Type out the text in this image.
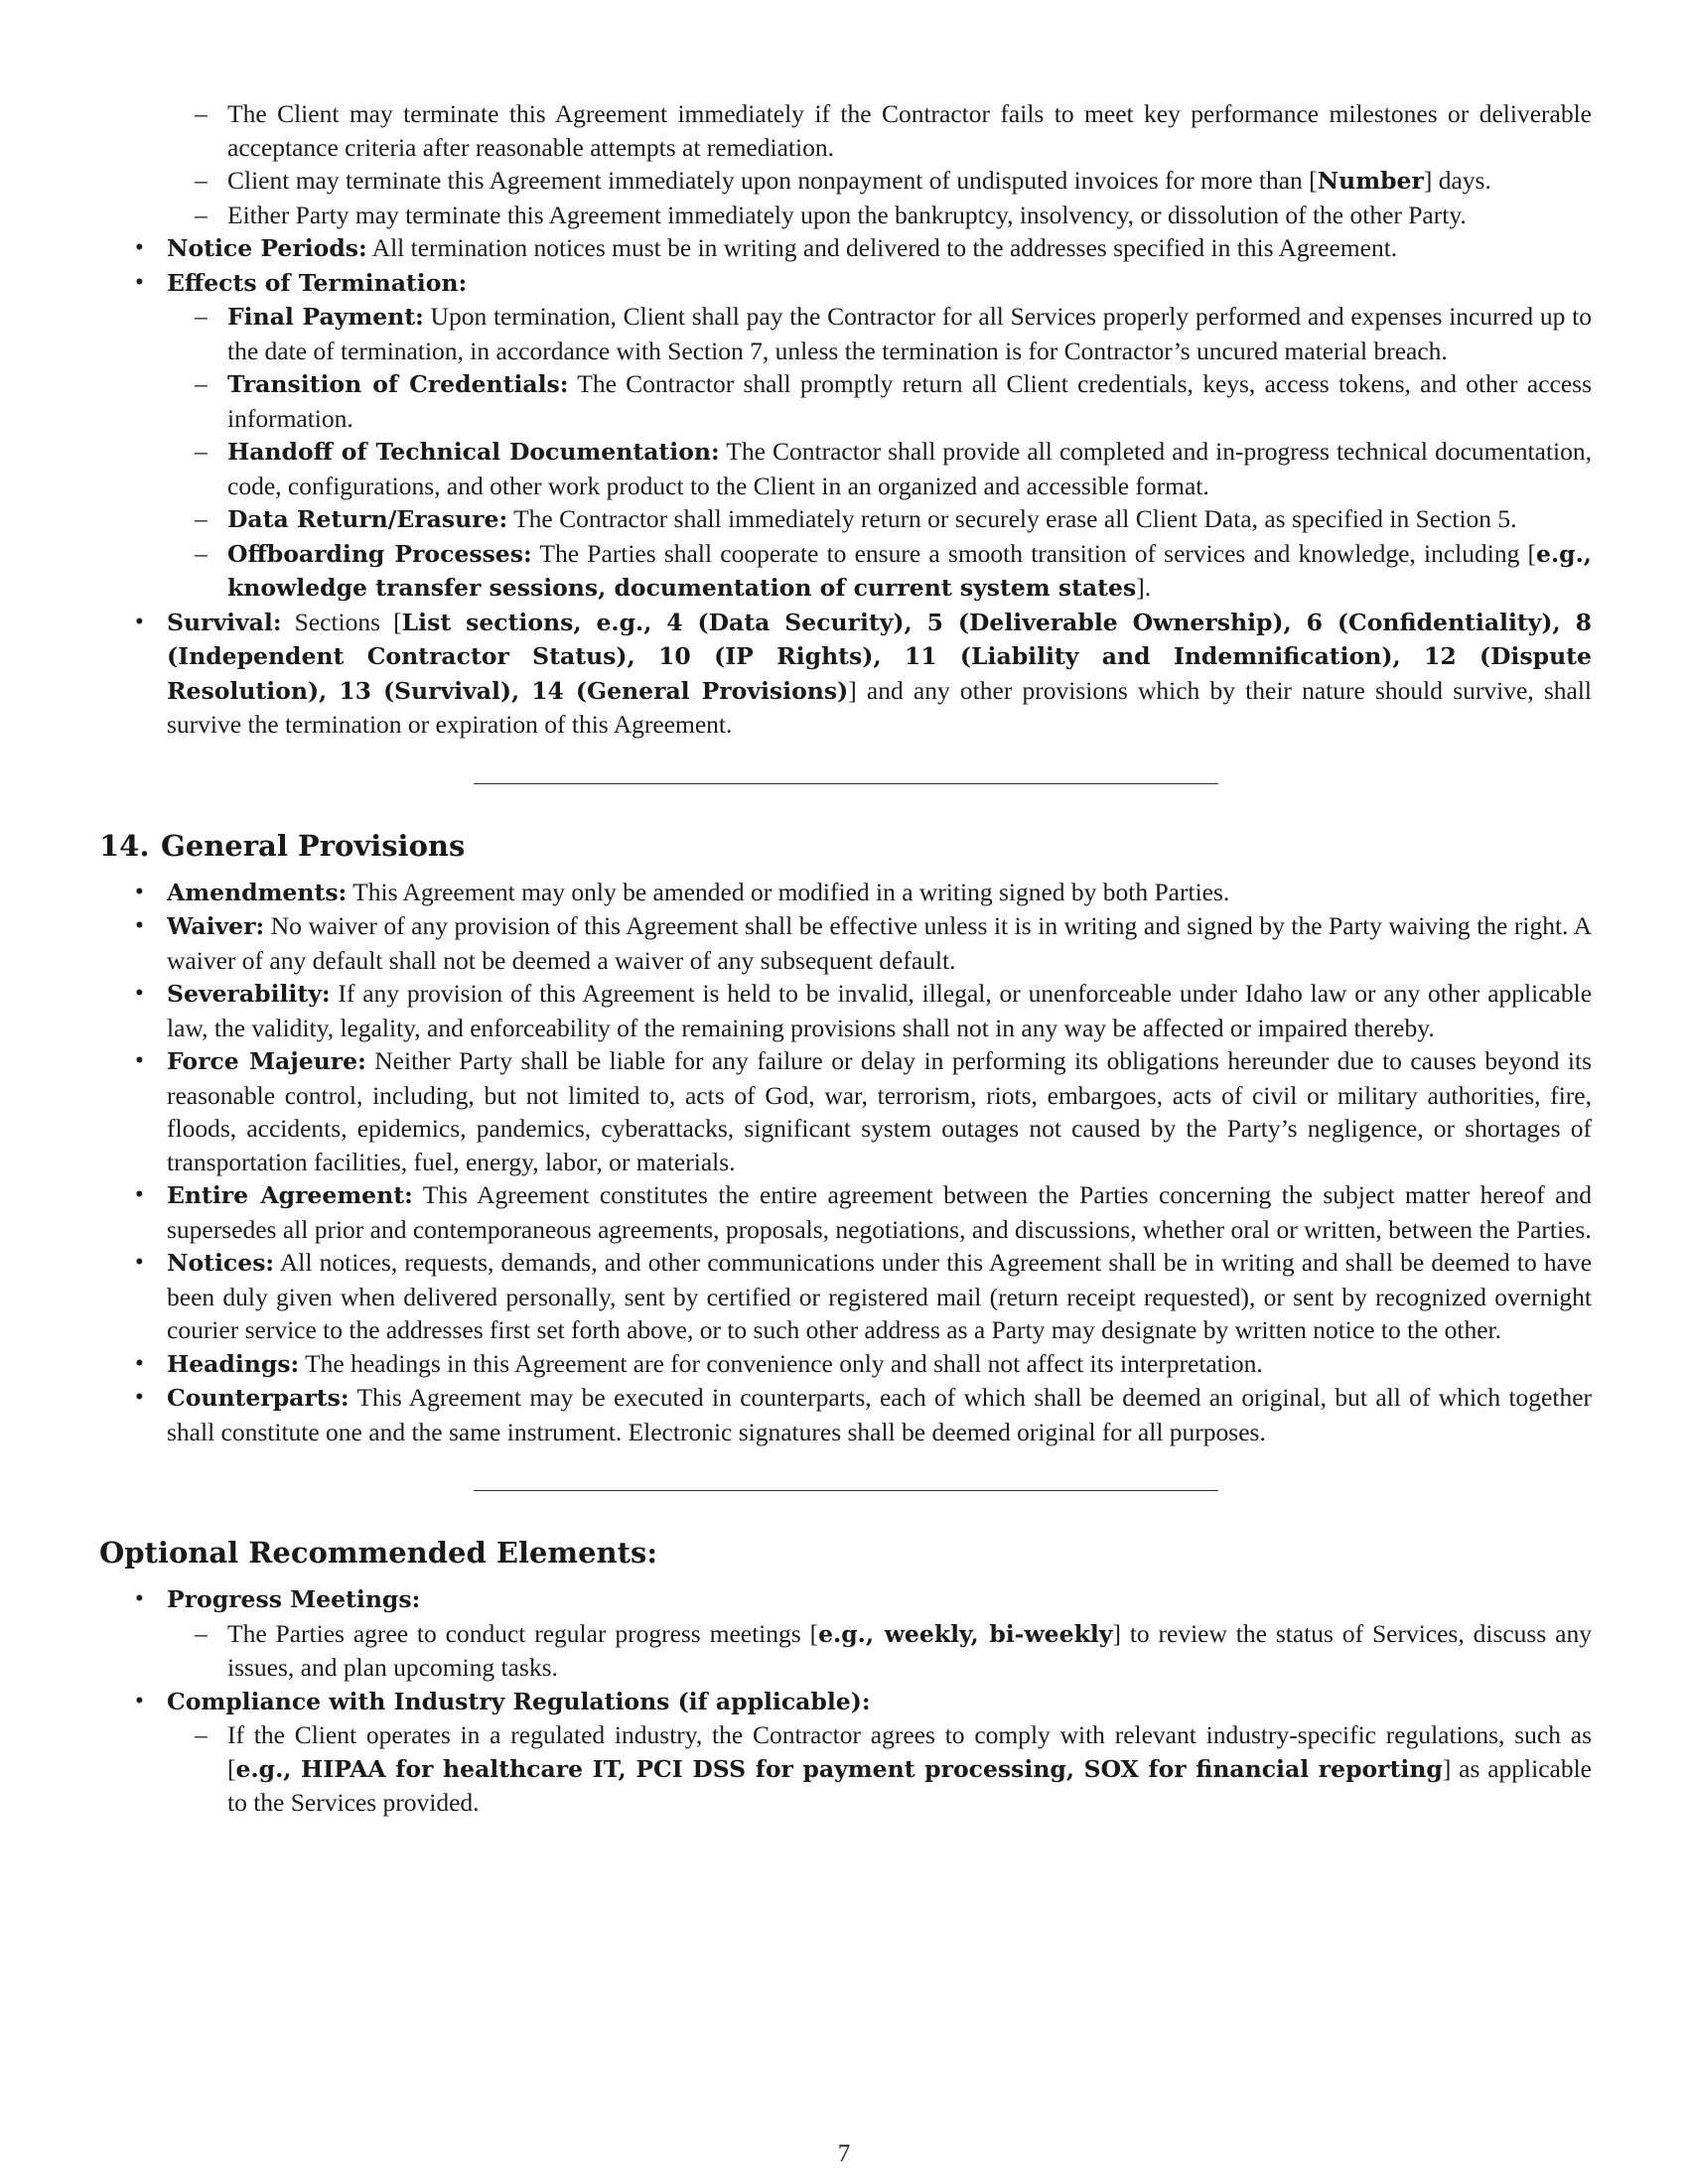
– The Client may terminate this Agreement immediately if the Contractor fails to meet key performance milestones or deliverable acceptance criteria after reasonable attempts at remediation.
– Client may terminate this Agreement immediately upon nonpayment of undisputed invoices for more than [Number] days.
– Either Party may terminate this Agreement immediately upon the bankruptcy, insolvency, or dissolution of the other Party.
• Notice Periods: All termination notices must be in writing and delivered to the addresses specified in this Agreement.
• Effects of Termination:
– Final Payment: Upon termination, Client shall pay the Contractor for all Services properly performed and expenses incurred up to the date of termination, in accordance with Section 7, unless the termination is for Contractor’s uncured material breach.
– Transition of Credentials: The Contractor shall promptly return all Client credentials, keys, access tokens, and other access information.
– Handoff of Technical Documentation: The Contractor shall provide all completed and in-progress technical documentation, code, configurations, and other work product to the Client in an organized and accessible format.
– Data Return/Erasure: The Contractor shall immediately return or securely erase all Client Data, as specified in Section 5.
– Offboarding Processes: The Parties shall cooperate to ensure a smooth transition of services and knowledge, including [e.g., knowledge transfer sessions, documentation of current system states].
• Survival: Sections [List sections, e.g., 4 (Data Security), 5 (Deliverable Ownership), 6 (Confidentiality), 8 (Independent Contractor Status), 10 (IP Rights), 11 (Liability and Indemnification), 12 (Dispute Resolution), 13 (Survival), 14 (General Provisions)] and any other provisions which by their nature should survive, shall survive the termination or expiration of this Agreement.
14. General Provisions
• Amendments: This Agreement may only be amended or modified in a writing signed by both Parties.
• Waiver: No waiver of any provision of this Agreement shall be effective unless it is in writing and signed by the Party waiving the right. A waiver of any default shall not be deemed a waiver of any subsequent default.
• Severability: If any provision of this Agreement is held to be invalid, illegal, or unenforceable under Idaho law or any other applicable law, the validity, legality, and enforceability of the remaining provisions shall not in any way be affected or impaired thereby.
• Force Majeure: Neither Party shall be liable for any failure or delay in performing its obligations hereunder due to causes beyond its reasonable control, including, but not limited to, acts of God, war, terrorism, riots, embargoes, acts of civil or military authorities, fire, floods, accidents, epidemics, pandemics, cyberattacks, significant system outages not caused by the Party’s negligence, or shortages of transportation facilities, fuel, energy, labor, or materials.
• Entire Agreement: This Agreement constitutes the entire agreement between the Parties concerning the subject matter hereof and supersedes all prior and contemporaneous agreements, proposals, negotiations, and discussions, whether oral or written, between the Parties.
• Notices: All notices, requests, demands, and other communications under this Agreement shall be in writing and shall be deemed to have been duly given when delivered personally, sent by certified or registered mail (return receipt requested), or sent by recognized overnight courier service to the addresses first set forth above, or to such other address as a Party may designate by written notice to the other.
• Headings: The headings in this Agreement are for convenience only and shall not affect its interpretation.
• Counterparts: This Agreement may be executed in counterparts, each of which shall be deemed an original, but all of which together shall constitute one and the same instrument. Electronic signatures shall be deemed original for all purposes.
Optional Recommended Elements:
• Progress Meetings:
– The Parties agree to conduct regular progress meetings [e.g., weekly, bi-weekly] to review the status of Services, discuss any issues, and plan upcoming tasks.
• Compliance with Industry Regulations (if applicable):
– If the Client operates in a regulated industry, the Contractor agrees to comply with relevant industry-specific regulations, such as [e.g., HIPAA for healthcare IT, PCI DSS for payment processing, SOX for financial reporting] as applicable to the Services provided.
7
